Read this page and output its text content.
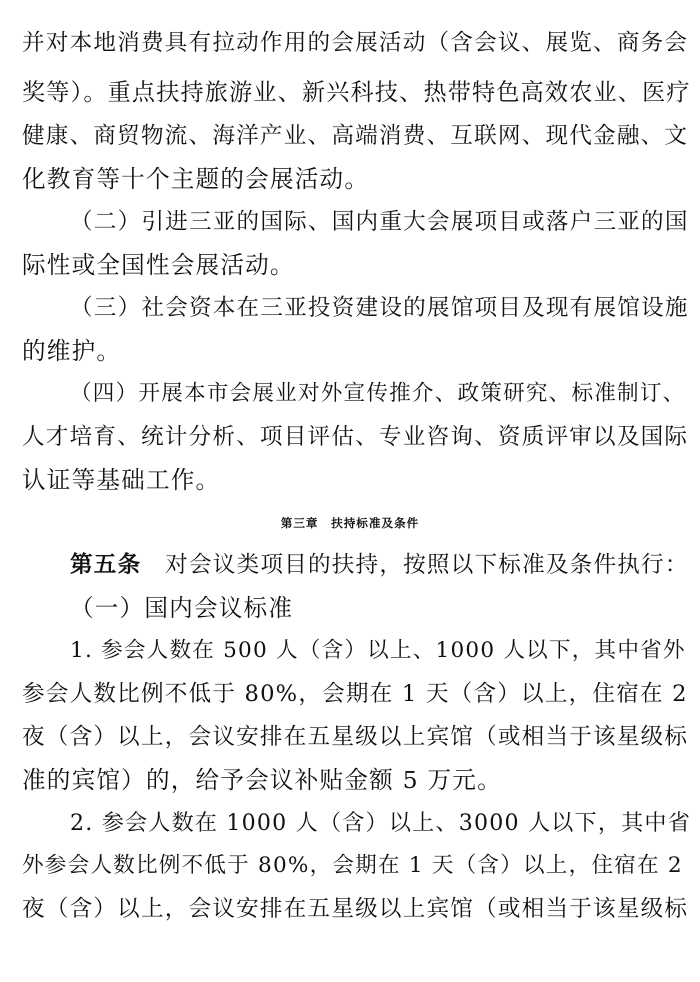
并对本地消费具有拉动作用的会展活动（含会议、展览、商务会
奖等）。重点扶持旅游业、新兴科技、热带特色高效农业、医疗
健康、商贸物流、海洋产业、高端消费、互联网、现代金融、文
化教育等十个主题的会展活动。
（二）引进三亚的国际、国内重大会展项目或落户三亚的国
际性或全国性会展活动。
（三）社会资本在三亚投资建设的展馆项目及现有展馆设施
的维护。
（四）开展本市会展业对外宣传推介、政策研究、标准制订、
人才培育、统计分析、项目评估、专业咨询、资质评审以及国际
认证等基础工作。
第三章　扶持标准及条件
第五条　对会议类项目的扶持，按照以下标准及条件执行：
（一）国内会议标准
1. 参会人数在 500 人（含）以上、1000 人以下，其中省外
参会人数比例不低于 80%，会期在 1 天（含）以上，住宿在 2
夜（含）以上，会议安排在五星级以上宾馆（或相当于该星级标
准的宾馆）的，给予会议补贴金额 5 万元。
2. 参会人数在 1000 人（含）以上、3000 人以下，其中省
外参会人数比例不低于 80%，会期在 1 天（含）以上，住宿在 2
夜（含）以上，会议安排在五星级以上宾馆（或相当于该星级标
